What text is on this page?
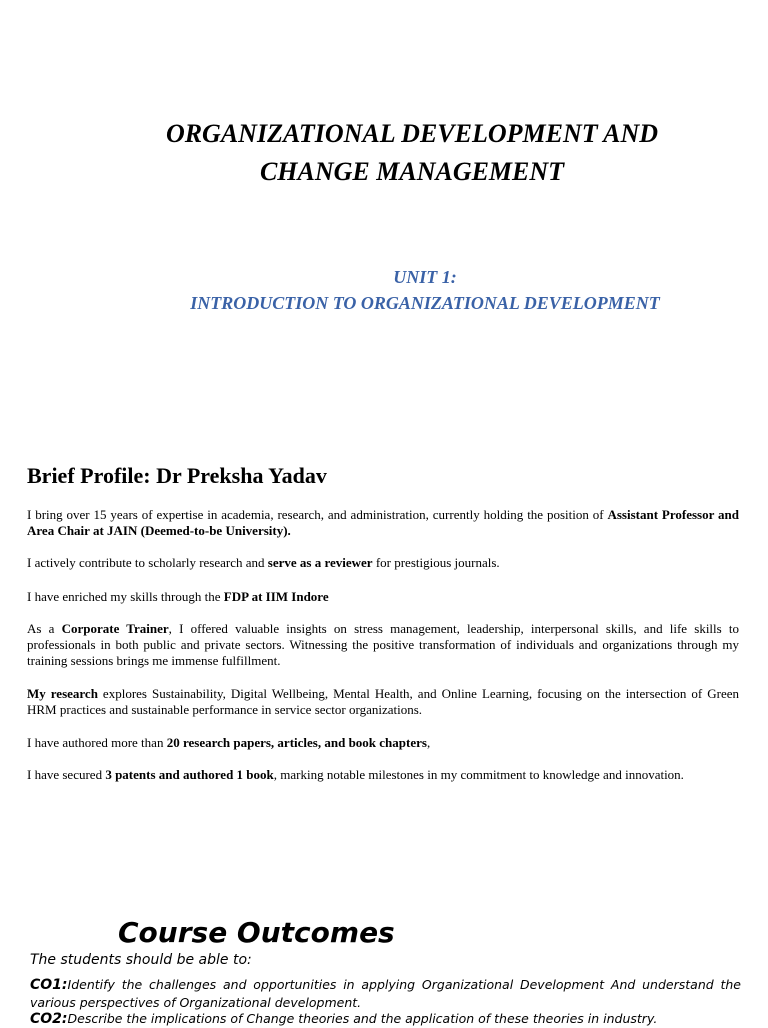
ORGANIZATIONAL DEVELOPMENT AND
CHANGE MANAGEMENT
UNIT 1:
INTRODUCTION TO ORGANIZATIONAL DEVELOPMENT
Brief Profile: Dr Preksha Yadav
I bring over 15 years of expertise in academia, research, and administration, currently holding the position of Assistant Professor and Area Chair at JAIN (Deemed-to-be University).
I actively contribute to scholarly research and serve as a reviewer for prestigious journals.
I have enriched my skills through the FDP at IIM Indore
As a Corporate Trainer, I offered valuable insights on stress management, leadership, interpersonal skills, and life skills to professionals in both public and private sectors. Witnessing the positive transformation of individuals and organizations through my training sessions brings me immense fulfillment.
My research explores Sustainability, Digital Wellbeing, Mental Health, and Online Learning, focusing on the intersection of Green HRM practices and sustainable performance in service sector organizations.
I have authored more than 20 research papers, articles, and book chapters,
I have secured 3 patents and authored 1 book, marking notable milestones in my commitment to knowledge and innovation.
Course Outcomes
The students should be able to:
CO1:Identify the challenges and opportunities in applying Organizational Development And understand the various perspectives of Organizational development.
CO2:Describe the implications of Change theories and the application of these theories in industry.
